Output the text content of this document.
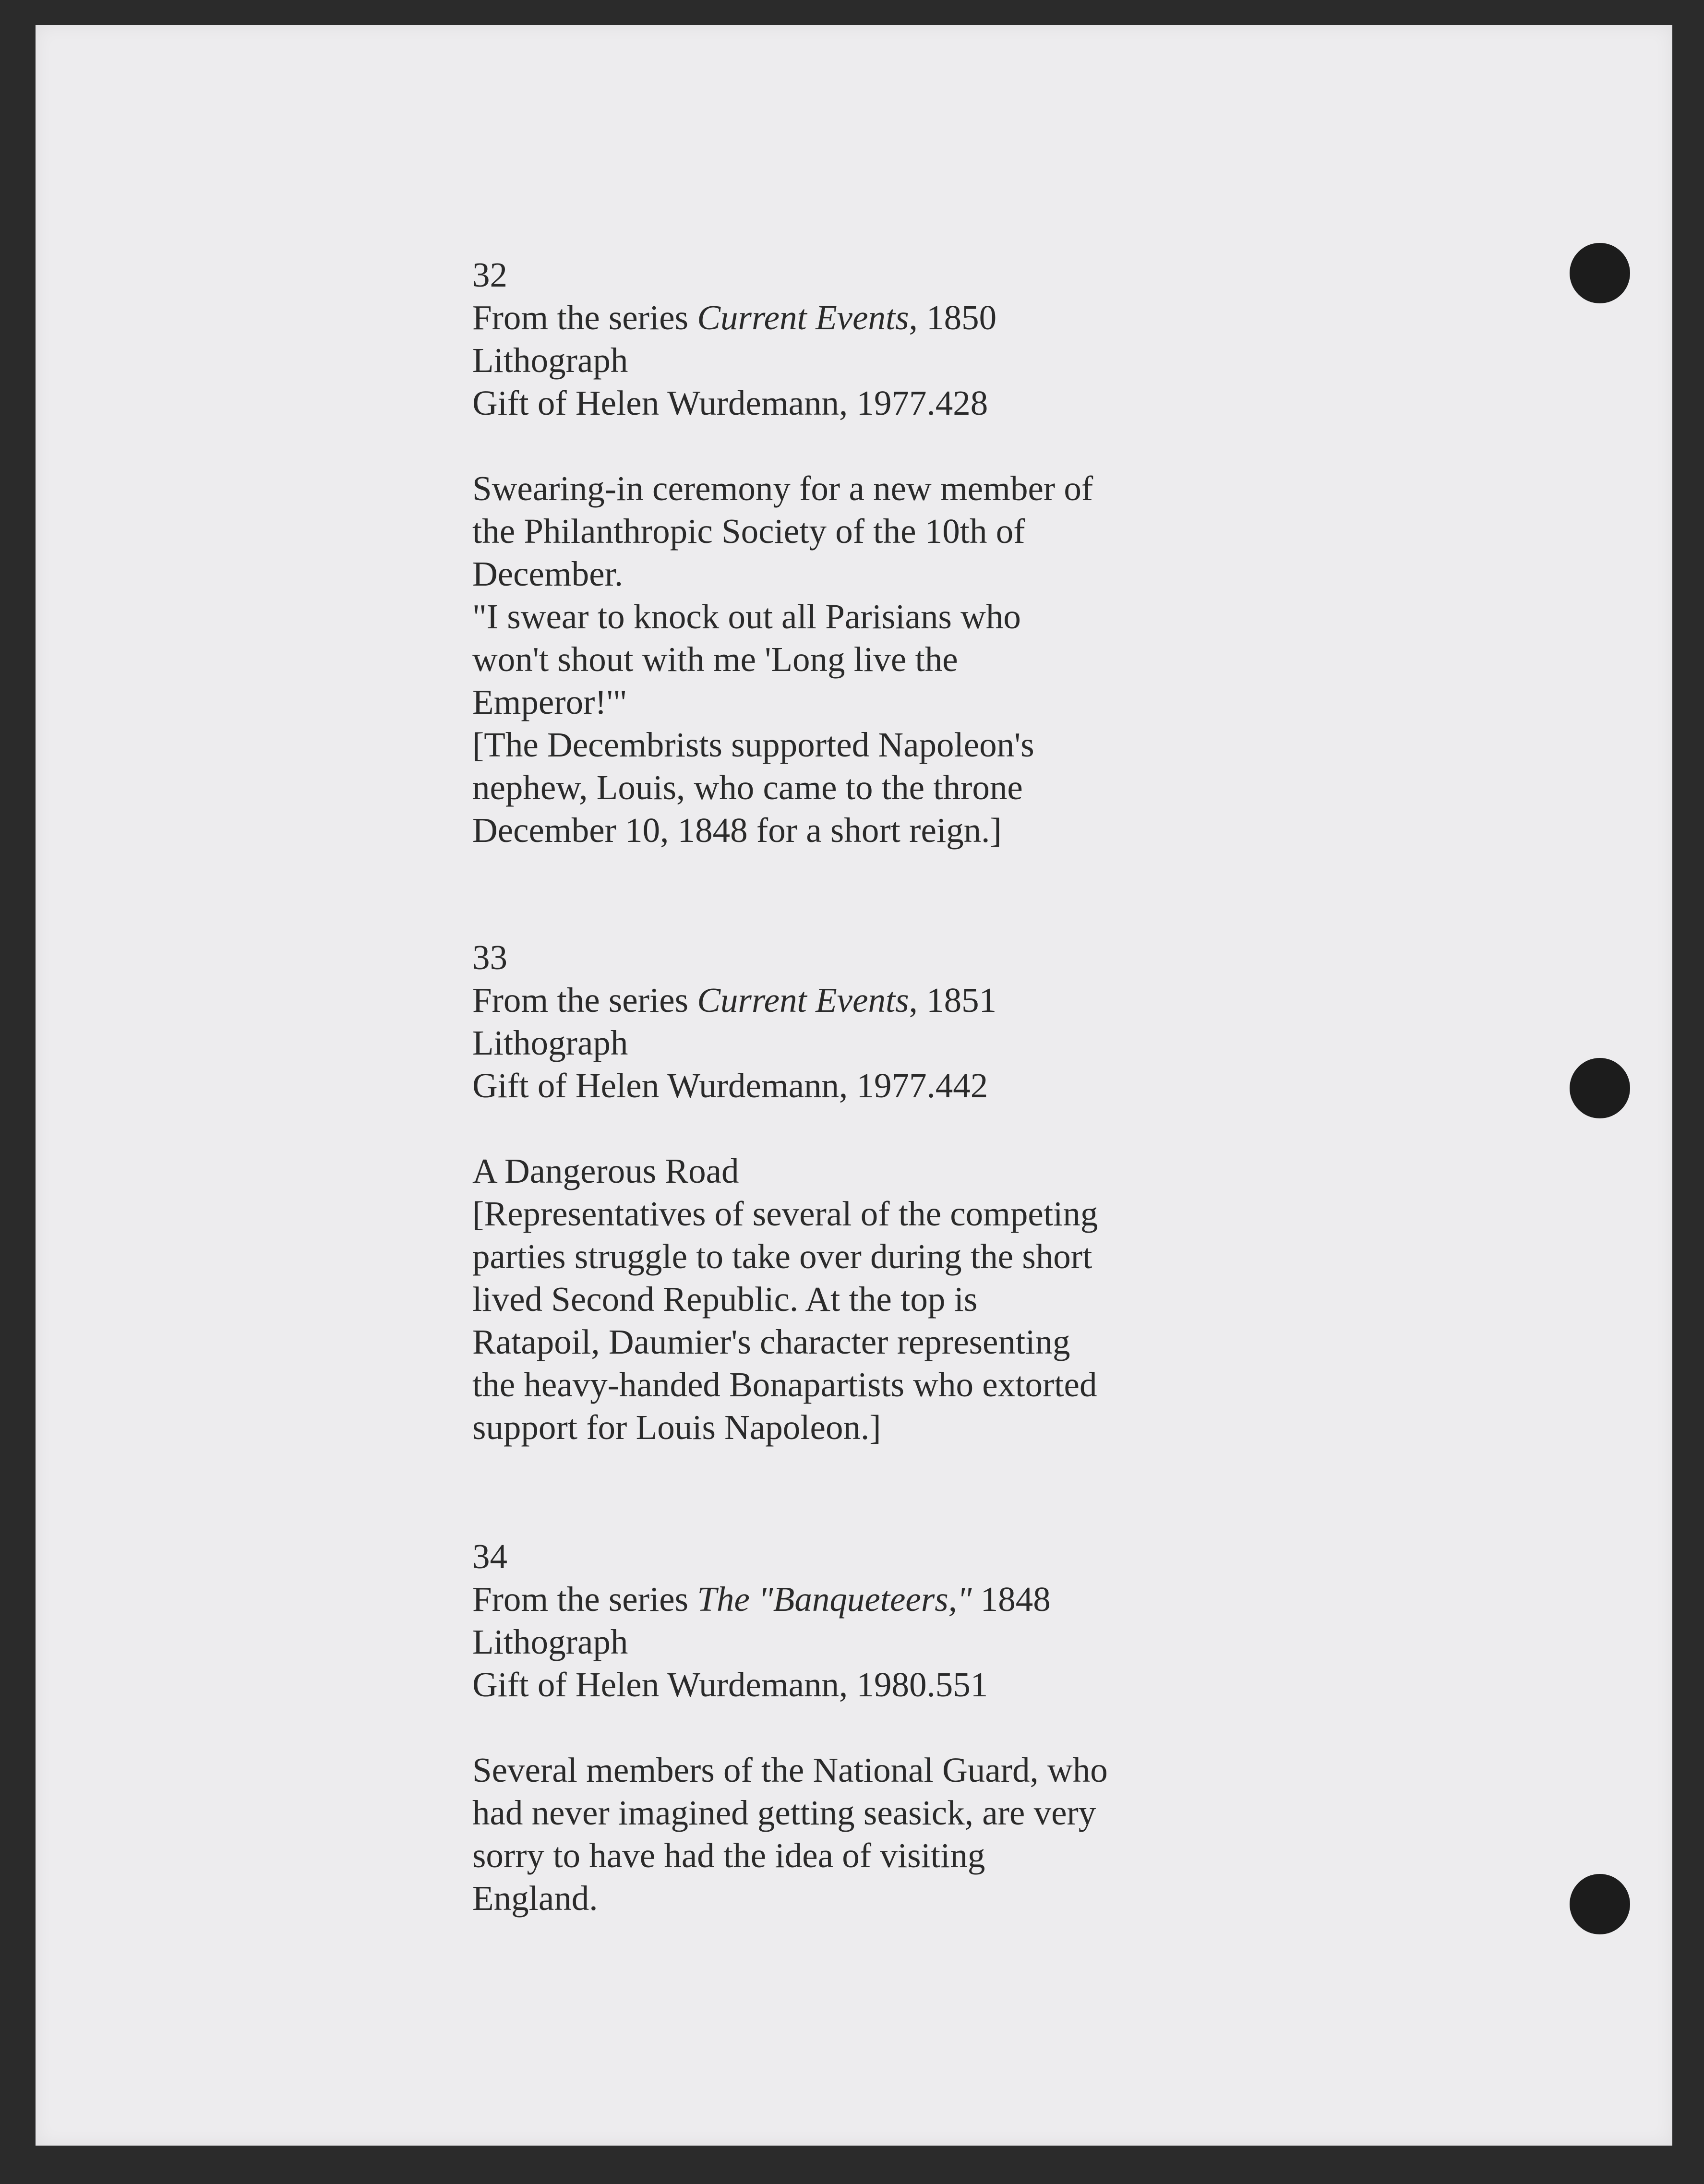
32
From the series Current Events, 1850
Lithograph
Gift of Helen Wurdemann, 1977.428
Swearing-in ceremony for a new member of
the Philanthropic Society of the 10th of
December.
"I swear to knock out all Parisians who
won't shout with me 'Long live the
Emperor!'"
[The Decembrists supported Napoleon's
nephew, Louis, who came to the throne
December 10, 1848 for a short reign.]
33
From the series Current Events, 1851
Lithograph
Gift of Helen Wurdemann, 1977.442
A Dangerous Road
[Representatives of several of the competing
parties struggle to take over during the short
lived Second Republic. At the top is
Ratapoil, Daumier's character representing
the heavy-handed Bonapartists who extorted
support for Louis Napoleon.]
34
From the series The "Banqueteers," 1848
Lithograph
Gift of Helen Wurdemann, 1980.551
Several members of the National Guard, who
had never imagined getting seasick, are very
sorry to have had the idea of visiting
England.
